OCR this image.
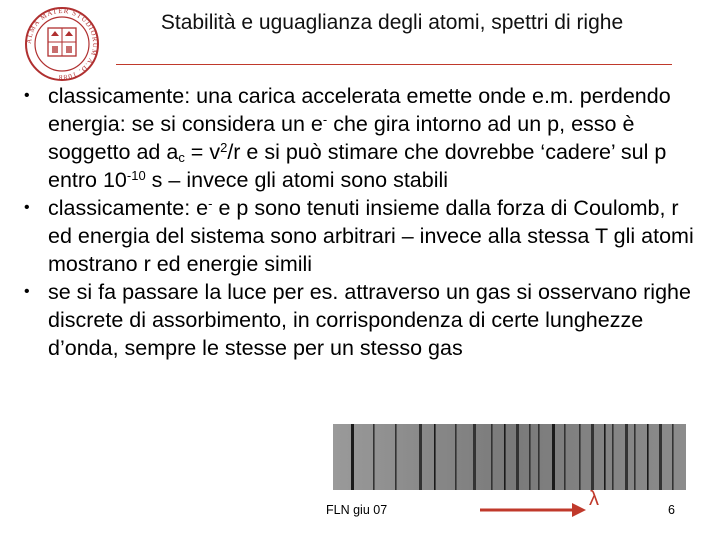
ALMA MATER STUDIORUM A.D. 1088
Stabilità e uguaglianza degli atomi, spettri di righe
• classicamente: una carica accelerata emette onde e.m. perdendo energia: se si considera un e- che gira intorno ad un p, esso è soggetto ad $a_c = v^2/r$ e si può stimare che dovrebbe ‘cadere’ sul p entro $10^{-10}$ s – invece gli atomi sono stabili
• classicamente: e- e p sono tenuti insieme dalla forza di Coulomb, r ed energia del sistema sono arbitrari – invece alla stessa T gli atomi mostrano r ed energie simili
• se si fa passare la luce per es. attraverso un gas si osservano righe discrete di assorbimento, in corrispondenza di certe lunghezze d’onda, sempre le stesse per un stesso gas
FLN giu 07	λ	6
